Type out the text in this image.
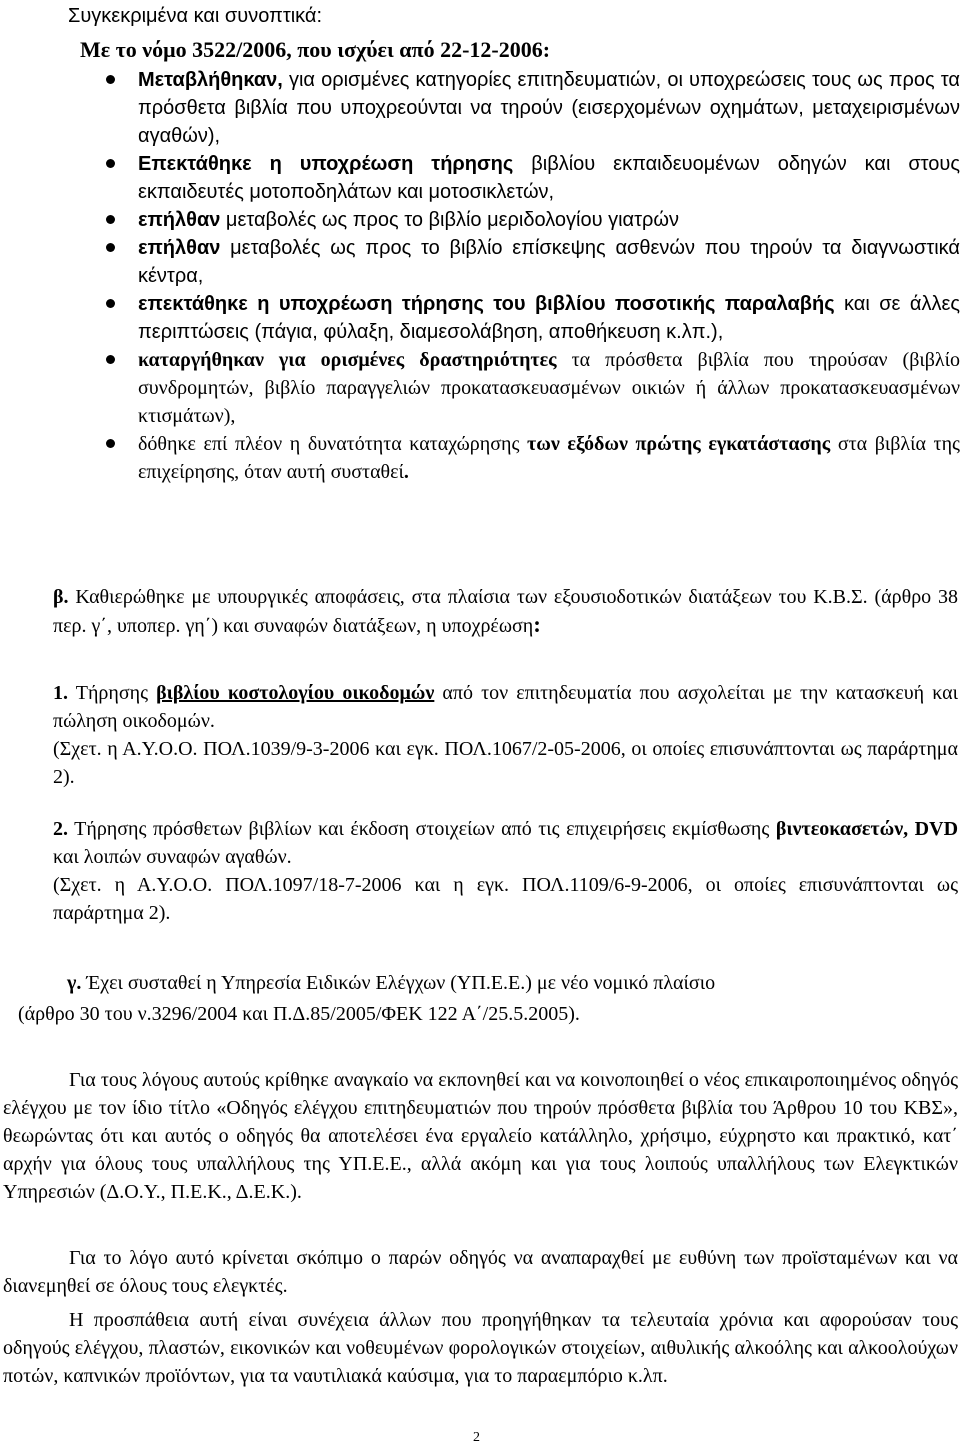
Συγκεκριμένα και συνοπτικά:
Με το νόμο 3522/2006, που ισχύει από 22-12-2006:
Μεταβλήθηκαν, για ορισμένες κατηγορίες επιτηδευματιών, οι υποχρεώσεις τους ως προς τα πρόσθετα βιβλία που υποχρεούνται να τηρούν (εισερχομένων οχημάτων, μεταχειρισμένων αγαθών),
Επεκτάθηκε η υποχρέωση τήρησης βιβλίου εκπαιδευομένων οδηγών και στους εκπαιδευτές μοτοποδηλάτων και μοτοσικλετών,
επήλθαν μεταβολές ως προς το βιβλίο μεριδολογίου γιατρών
επήλθαν μεταβολές ως προς το βιβλίο επίσκεψης ασθενών που τηρούν τα διαγνωστικά κέντρα,
επεκτάθηκε η υποχρέωση τήρησης του βιβλίου ποσοτικής παραλαβής και σε άλλες περιπτώσεις (πάγια, φύλαξη, διαμεσολάβηση, αποθήκευση κ.λπ.),
καταργήθηκαν για ορισμένες δραστηριότητες τα πρόσθετα βιβλία που τηρούσαν (βιβλίο συνδρομητών, βιβλίο παραγγελιών προκατασκευασμένων οικιών ή άλλων προκατασκευασμένων κτισμάτων),
δόθηκε επί πλέον η δυνατότητα καταχώρησης των εξόδων πρώτης εγκατάστασης στα βιβλία της επιχείρησης, όταν αυτή συσταθεί.
β. Καθιερώθηκε με υπουργικές αποφάσεις, στα πλαίσια των εξουσιοδοτικών διατάξεων του Κ.Β.Σ. (άρθρο 38 περ. γ΄, υποπερ. γη΄) και συναφών διατάξεων, η υποχρέωση:
1. Τήρησης βιβλίου κοστολογίου οικοδομών από τον επιτηδευματία που ασχολείται με την κατασκευή και πώληση οικοδομών.
(Σχετ. η Α.Υ.Ο.Ο. ΠΟΛ.1039/9-3-2006 και εγκ. ΠΟΛ.1067/2-05-2006, οι οποίες επισυνάπτονται ως παράρτημα 2).
2. Τήρησης πρόσθετων βιβλίων και έκδοση στοιχείων από τις επιχειρήσεις εκμίσθωσης βιντεοκασετών, DVD και λοιπών συναφών αγαθών.
(Σχετ. η Α.Υ.Ο.Ο. ΠΟΛ.1097/18-7-2006 και η εγκ. ΠΟΛ.1109/6-9-2006, οι οποίες επισυνάπτονται ως παράρτημα 2).
γ. Έχει συσταθεί η Υπηρεσία Ειδικών Ελέγχων (ΥΠ.Ε.Ε.) με νέο νομικό πλαίσιο
(άρθρο 30 του ν.3296/2004 και Π.Δ.85/2005/ΦΕΚ 122 Α΄/25.5.2005).
Για τους λόγους αυτούς κρίθηκε αναγκαίο να εκπονηθεί και να κοινοποιηθεί ο νέος επικαιροποιημένος οδηγός ελέγχου με τον ίδιο τίτλο «Οδηγός ελέγχου επιτηδευματιών που τηρούν πρόσθετα βιβλία του Άρθρου 10 του ΚΒΣ», θεωρώντας ότι και αυτός ο οδηγός θα αποτελέσει ένα εργαλείο κατάλληλο, χρήσιμο, εύχρηστο και πρακτικό, κατ΄ αρχήν για όλους τους υπαλλήλους της ΥΠ.Ε.Ε., αλλά ακόμη και για τους λοιπούς υπαλλήλους των Ελεγκτικών Υπηρεσιών (Δ.Ο.Υ., Π.Ε.Κ., Δ.Ε.Κ.).
Για το λόγο αυτό κρίνεται σκόπιμο ο παρών οδηγός να αναπαραχθεί με ευθύνη των προϊσταμένων και να διανεμηθεί σε όλους τους ελεγκτές.
Η προσπάθεια αυτή είναι συνέχεια άλλων που προηγήθηκαν τα τελευταία χρόνια και αφορούσαν τους οδηγούς ελέγχου, πλαστών, εικονικών και νοθευμένων φορολογικών στοιχείων, αιθυλικής αλκοόλης και αλκοολούχων ποτών, καπνικών προϊόντων, για τα ναυτιλιακά καύσιμα, για το παραεμπόριο κ.λπ.
2
